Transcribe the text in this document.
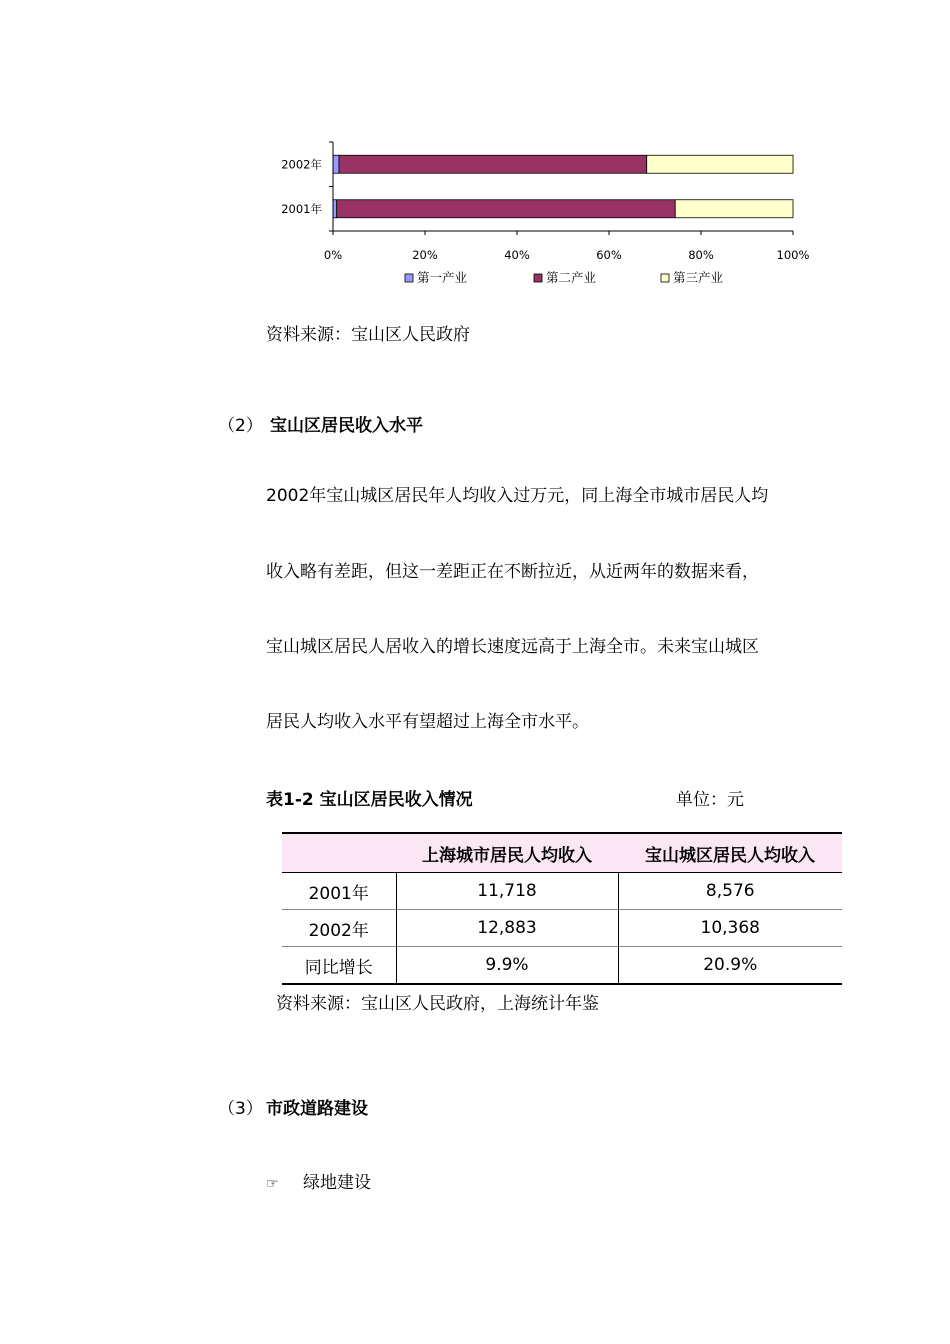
2001年
2002年
0%	20%	40%	60%	80%	100%
第一产业	第二产业	第三产业
资料来源：宝山区人民政府
（2） 宝山区居民收入水平
2002年宝山城区居民年人均收入过万元，同上海全市城市居民人均
收入略有差距，但这一差距正在不断拉近，从近两年的数据来看，
宝山城区居民人居收入的增长速度远高于上海全市。未来宝山城区
居民人均收入水平有望超过上海全市水平。
表1-2 宝山区居民收入情况	单位：元
	上海城市居民人均收入	宝山城区居民人均收入
2001年	11,718	8,576
2002年	12,883	10,368
同比增长	9.9%	20.9%
资料来源：宝山区人民政府，上海统计年鉴
（3） 市政道路建设
☞ 绿地建设
